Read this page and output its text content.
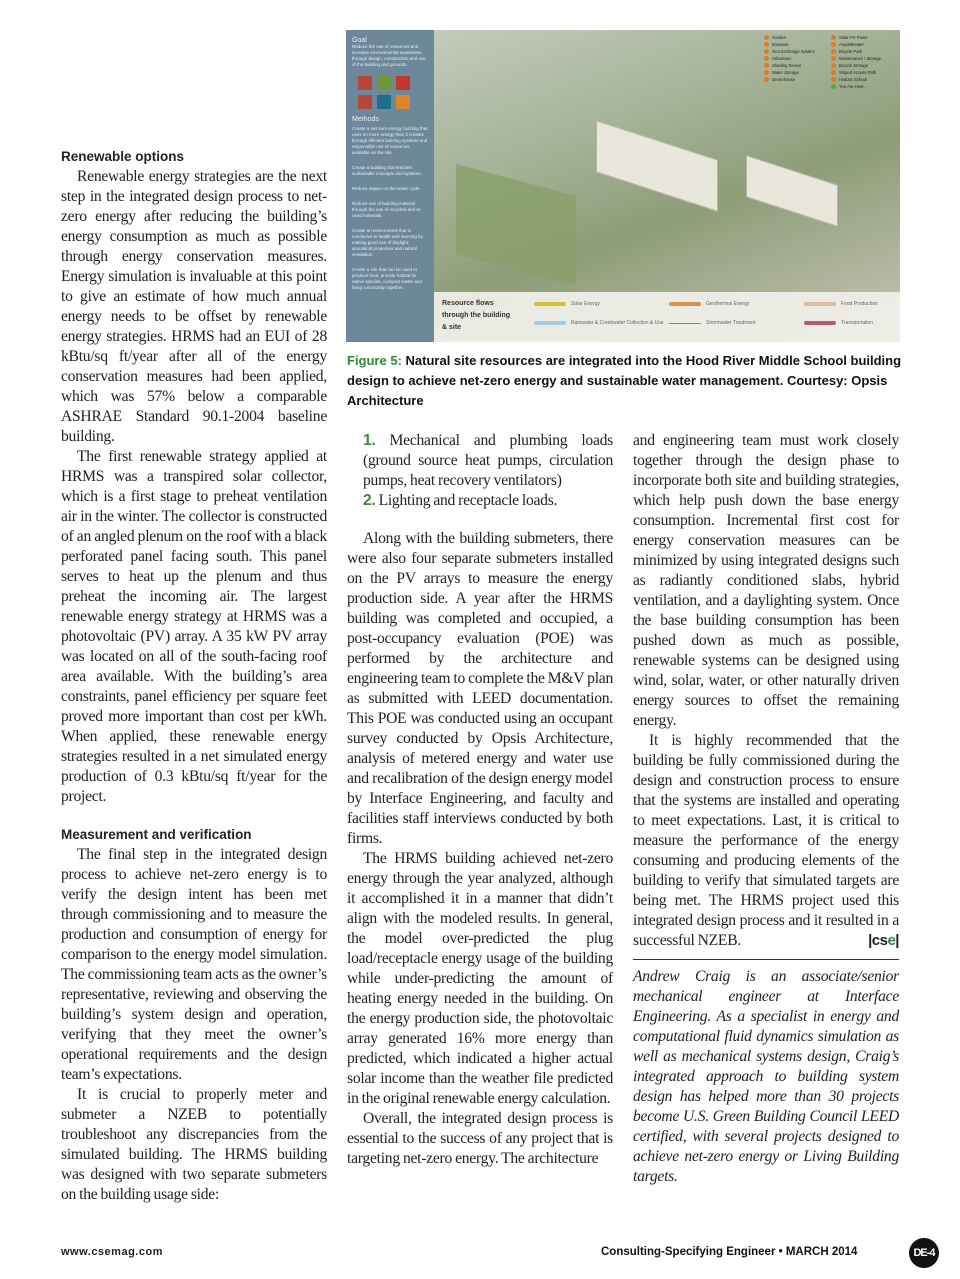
Goal
Reduce the use of resources and increase environmental awareness through design, construction and use of the building and grounds.
Methods
Create a net-zero energy building that uses no more energy than it creates through efficient building systems and responsible use of resources available on the site.
Create a building that teaches sustainable concepts and systems.
Reduce impact on the water cycle.
Reduce use of building material through the use of recycled and re-used materials.
Create an environment that is conducive to health and learning by making good use of daylight, acoustical properties and natural ventilation.
Create a site that can be used to produce food, provide habitat for native species, compost waste and bring community together.
Garden	Solar PV Panel
Bioswale	Amphitheater
Geo Exchange System	Bicycle Path
Arboretum	Maintenance / Storage
Shading Device	Bicycle Storage
Water Storage	Sloped Access Path
Greenhouse	Historic School
You Are Here
Resource flows through the building & site
Solar Energy	Geothermal Energy	Food Production
Rainwater & Creekwater Collection & Use	Stormwater Treatment	Transportation
Figure 5: Natural site resources are integrated into the Hood River Middle School building design to achieve net-zero energy and sustainable water management. Courtesy: Opsis Architecture
Renewable options

Renewable energy strategies are the next step in the integrated design process to net-zero energy after reducing the building’s energy consumption as much as possible through energy conservation measures. Energy simulation is invaluable at this point to give an estimate of how much annual energy needs to be offset by renewable energy strategies. HRMS had an EUI of 28 kBtu/sq ft/year after all of the energy conservation measures had been applied, which was 57% below a comparable ASHRAE Standard 90.1-2004 baseline building.

The first renewable strategy applied at HRMS was a transpired solar collector, which is a first stage to preheat ventilation air in the winter. The collector is constructed of an angled plenum on the roof with a black perforated panel facing south. This panel serves to heat up the plenum and thus preheat the incoming air. The largest renewable energy strategy at HRMS was a photovoltaic (PV) array. A 35 kW PV array was located on all of the south-facing roof area available. With the building’s area constraints, panel efficiency per square feet proved more important than cost per kWh. When applied, these renewable energy strategies resulted in a net simulated energy production of 0.3 kBtu/sq ft/year for the project.

Measurement and verification

The final step in the integrated design process to achieve net-zero energy is to verify the design intent has been met through commissioning and to measure the production and consumption of energy for comparison to the energy model simulation. The commissioning team acts as the owner’s representative, reviewing and observing the building’s system design and operation, verifying that they meet the owner’s operational requirements and the design team’s expectations.

It is crucial to properly meter and submeter a NZEB to potentially troubleshoot any discrepancies from the simulated building. The HRMS building was designed with two separate submeters on the building usage side:

1. Mechanical and plumbing loads (ground source heat pumps, circulation pumps, heat recovery ventilators)

2. Lighting and receptacle loads.

Along with the building submeters, there were also four separate submeters installed on the PV arrays to measure the energy production side. A year after the HRMS building was completed and occupied, a post-occupancy evaluation (POE) was performed by the architecture and engineering team to complete the M&V plan as submitted with LEED documentation. This POE was conducted using an occupant survey conducted by Opsis Architecture, analysis of metered energy and water use and recalibration of the design energy model by Interface Engineering, and faculty and facilities staff interviews conducted by both firms.

The HRMS building achieved net-zero energy through the year analyzed, although it accomplished it in a manner that didn’t align with the modeled results. In general, the model over-predicted the plug load/receptacle energy usage of the building while under-predicting the amount of heating energy needed in the building. On the energy production side, the photovoltaic array generated 16% more energy than predicted, which indicated a higher actual solar income than the weather file predicted in the original renewable energy calculation.

Overall, the integrated design process is essential to the success of any project that is targeting net-zero energy. The architecture

and engineering team must work closely together through the design phase to incorporate both site and building strategies, which help push down the base energy consumption. Incremental first cost for energy conservation measures can be minimized by using integrated designs such as radiantly conditioned slabs, hybrid ventilation, and a daylighting system. Once the base building consumption has been pushed down as much as possible, renewable systems can be designed using wind, solar, water, or other naturally driven energy sources to offset the remaining energy.

It is highly recommended that the building be fully commissioned during the design and construction process to ensure that the systems are installed and operating to meet expectations. Last, it is critical to measure the performance of the energy consuming and producing elements of the building to verify that simulated targets are being met. The HRMS project used this integrated design process and it resulted in a successful NZEB.	|cse|

Andrew Craig is an associate/senior mechanical engineer at Interface Engineering. As a specialist in energy and computational fluid dynamics simulation as well as mechanical systems design, Craig’s integrated approach to building system design has helped more than 30 projects become U.S. Green Building Council LEED certified, with several projects designed to achieve net-zero energy or Living Building targets.

www.csemag.com	Consulting-Specifying Engineer • MARCH 2014	DE-4
